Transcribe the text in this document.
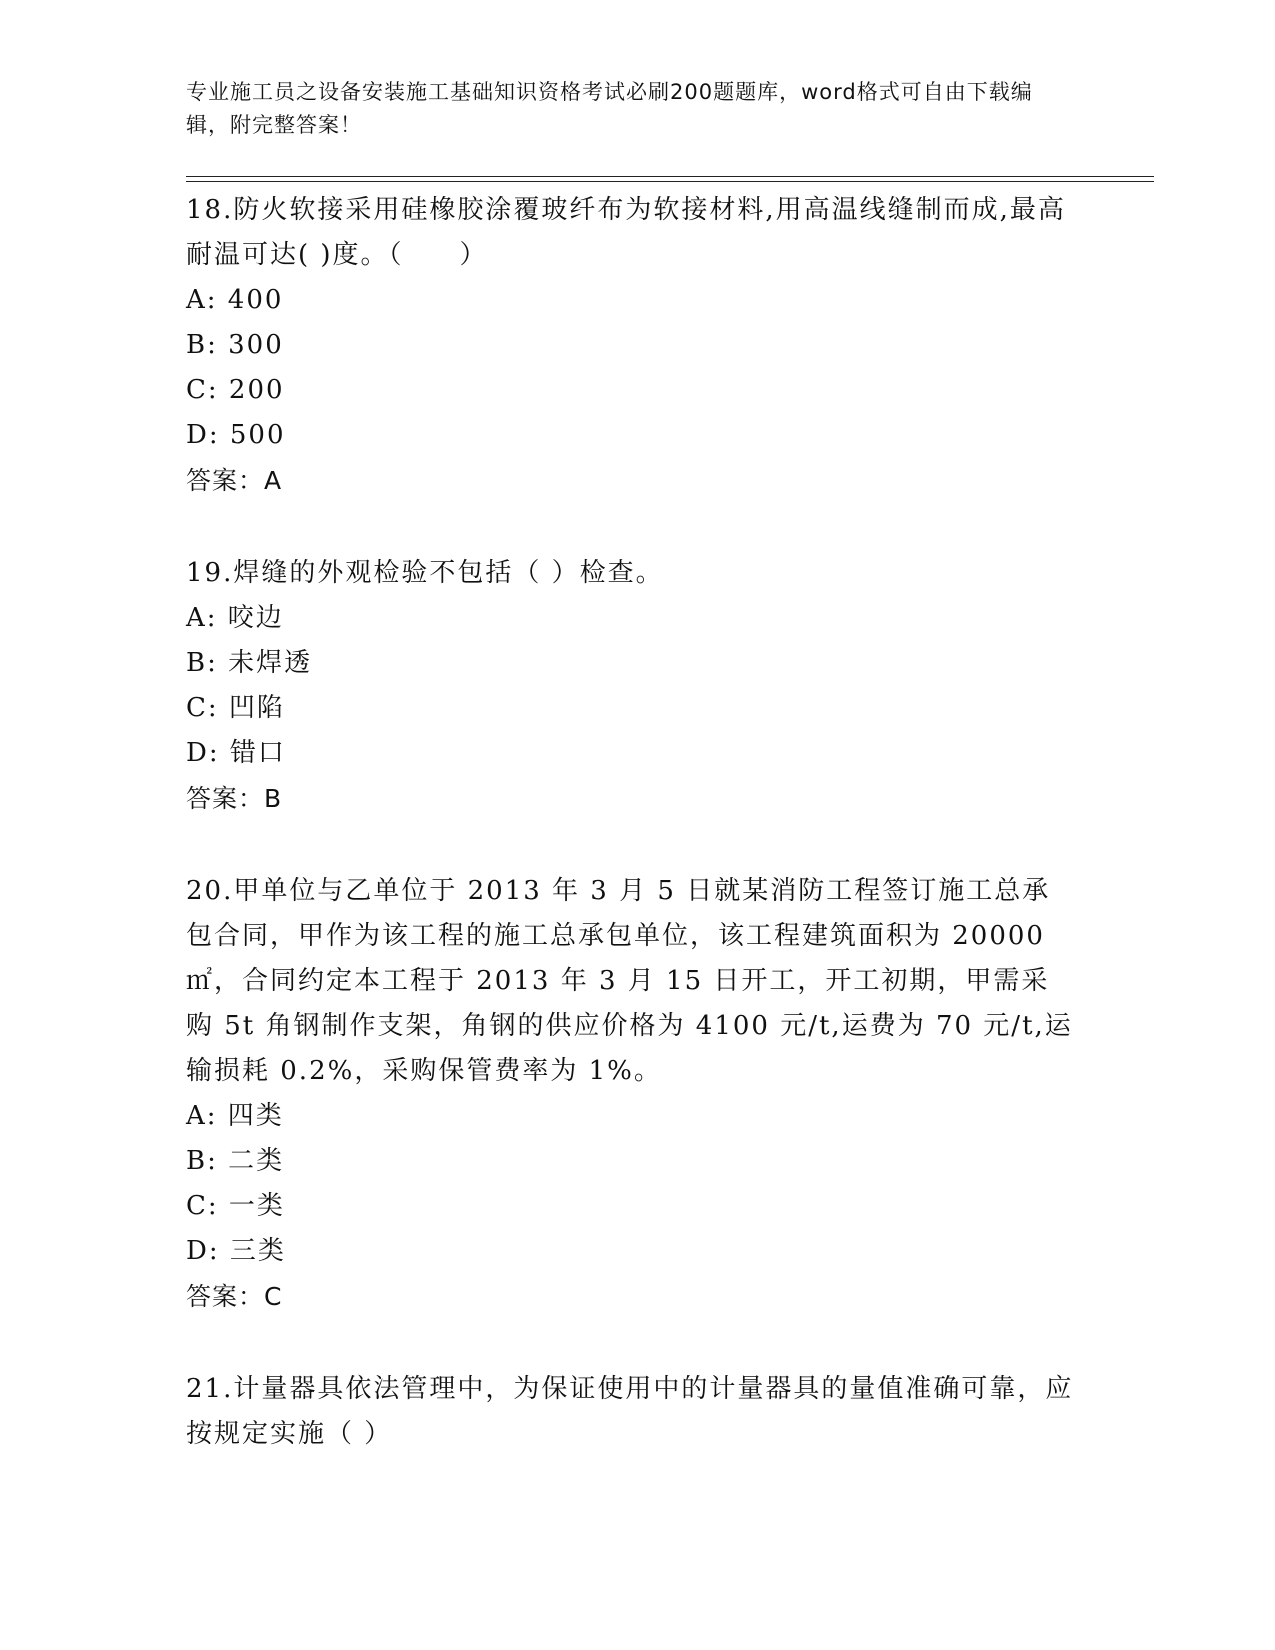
专业施工员之设备安装施工基础知识资格考试必刷200题题库，word格式可自由下载编辑，附完整答案！

18.防火软接采用硅橡胶涂覆玻纤布为软接材料,用高温线缝制而成,最高耐温可达( )度。（　　）

A: 400

B: 300

C: 200

D: 500

答案：A

19.焊缝的外观检验不包括（ ）检查。

A: 咬边

B: 未焊透

C: 凹陷

D: 错口

答案：B

20.甲单位与乙单位于 2013 年 3 月 5 日就某消防工程签订施工总承包合同，甲作为该工程的施工总承包单位，该工程建筑面积为 20000㎡，合同约定本工程于 2013 年 3 月 15 日开工，开工初期，甲需采购 5t 角钢制作支架，角钢的供应价格为 4100 元/t,运费为 70 元/t,运输损耗 0.2%，采购保管费率为 1%。

A: 四类

B: 二类

C: 一类

D: 三类

答案：C

21.计量器具依法管理中，为保证使用中的计量器具的量值准确可靠，应按规定实施（ ）
